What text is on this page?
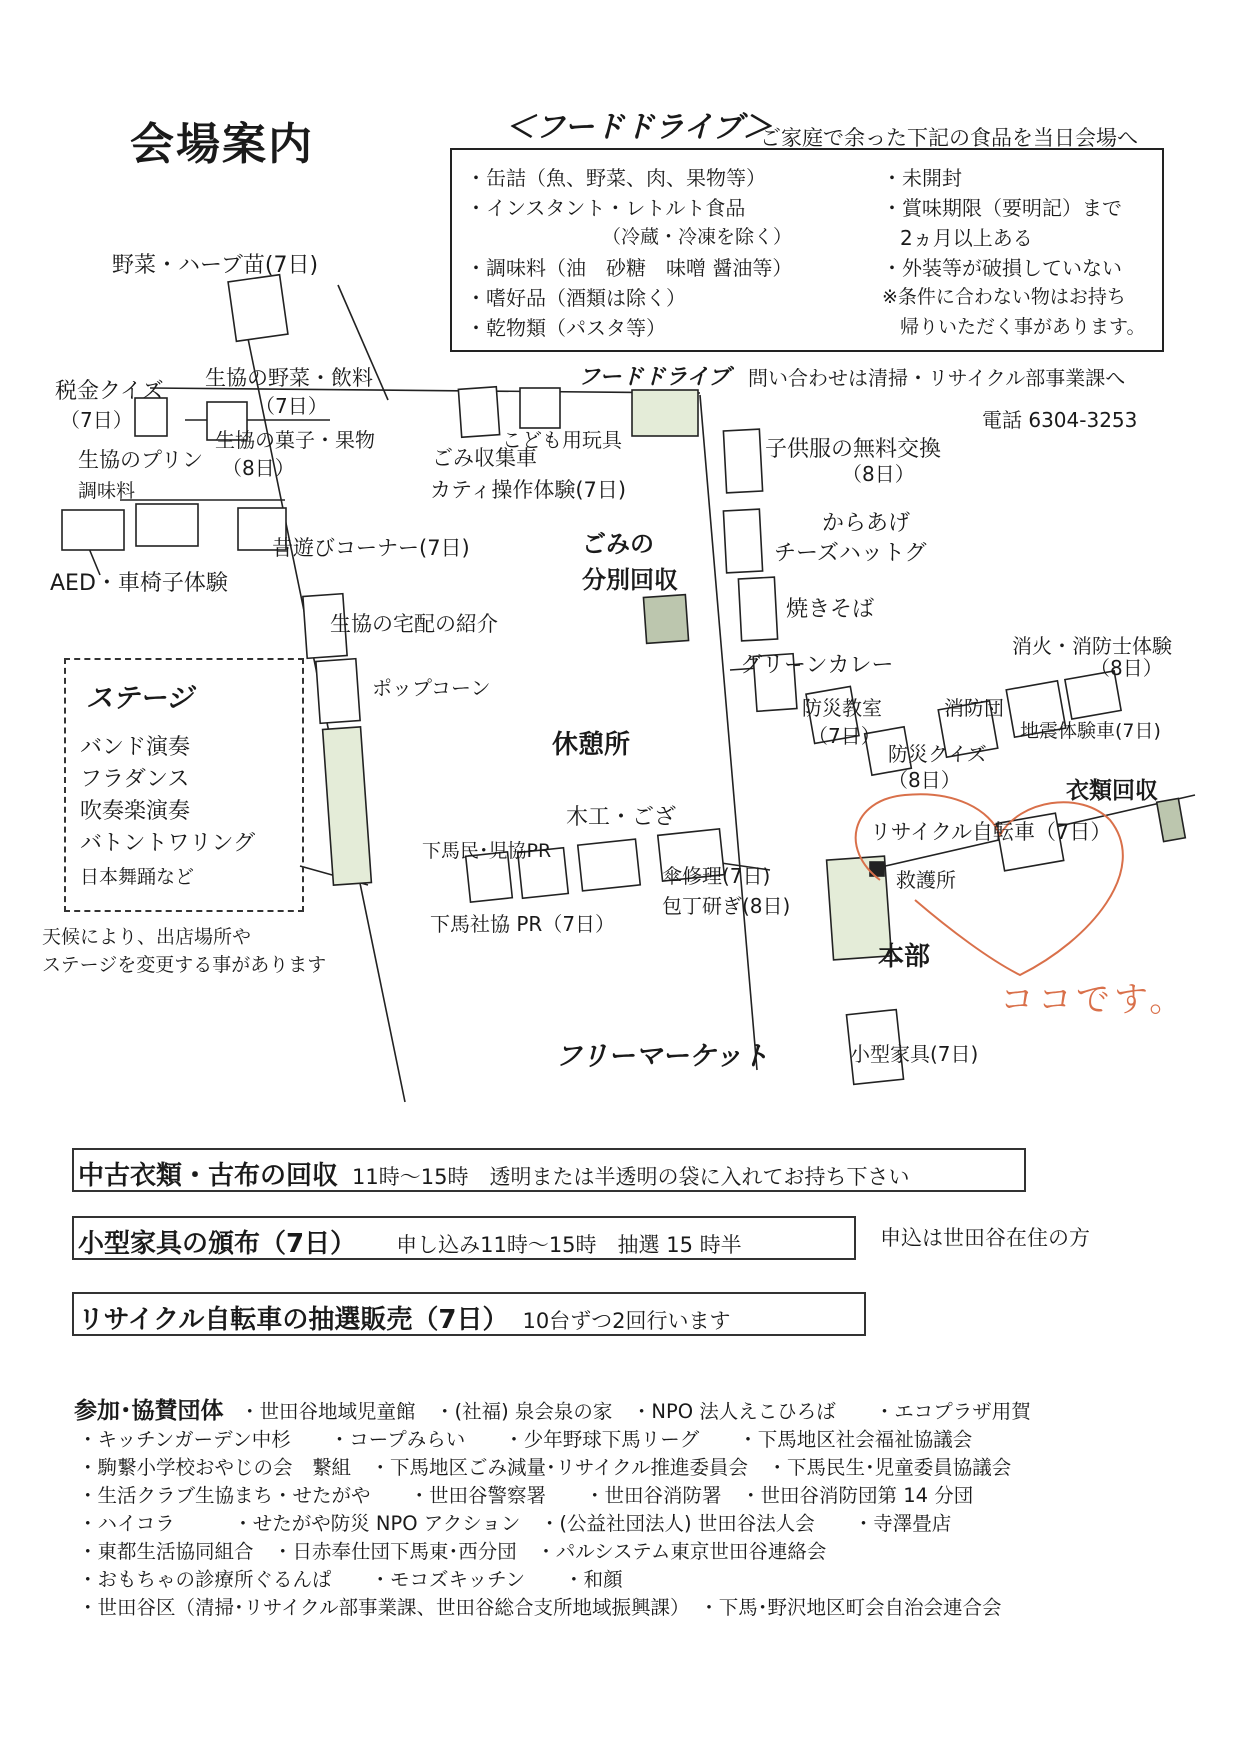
会場案内	＜フードドライブ＞
ご家庭で余った下記の食品を当日会場へ
・缶詰（魚、野菜、肉、果物等）
・インスタント・レトルト食品
（冷蔵・冷凍を除く）
・調味料（油　砂糖　味噌 醤油等）
・嗜好品（酒類は除く）
・乾物類（パスタ等）
・未開封
・賞味期限（要明記）まで
2ヵ月以上ある
・外装等が破損していない
※条件に合わない物はお持ち
帰りいただく事があります。
フードドライブ 問い合わせは清掃・リサイクル部事業課へ
電話 6304-3253
野菜・ハーブ苗(7日)
税金クイズ
（7日）
生協の野菜・飲料
（7日）
生協の菓子・果物
（8日）
生協のプリン
調味料
ごみ収集車
こども用玩具
カティ操作体験(7日)
子供服の無料交換
（8日）
からあげ
チーズハットグ
ごみの
分別回収
焼きそば
グリーンカレー
昔遊びコーナー(7日)
AED・車椅子体験
生協の宅配の紹介
ポップコーン
消火・消防士体験
（8日）
防災教室
（7日）
消防団
地震体験車(7日)
防災クイズ
（8日）
休憩所
衣類回収
木工・ござ
リサイクル自転車（7日）
下馬民･児協PR
傘修理(7日)
包丁研ぎ(8日)
救護所
下馬社協 PR（7日）
本部
ココです。
フリーマーケット	小型家具(7日)
ステージ
バンド演奏
フラダンス
吹奏楽演奏
バトントワリング
日本舞踊など
天候により、出店場所や
ステージを変更する事があります
中古衣類・古布の回収 11時〜15時　透明または半透明の袋に入れてお持ち下さい
小型家具の頒布（7日） 申し込み11時〜15時　抽選 15 時半	申込は世田谷在住の方
リサイクル自転車の抽選販売（7日） 10台ずつ2回行います
参加･協賛団体 ・世田谷地域児童館　・(社福) 泉会泉の家　・NPO 法人えこひろば　　・エコプラザ用賀
・キッチンガーデン中杉　　・コープみらい　　・少年野球下馬リーグ　　・下馬地区社会福祉協議会
・駒繋小学校おやじの会　繋組　・下馬地区ごみ減量･リサイクル推進委員会　・下馬民生･児童委員協議会
・生活クラブ生協まち・せたがや　　・世田谷警察署　　・世田谷消防署　・世田谷消防団第 14 分団
・ハイコラ　　　・せたがや防災 NPO アクション　・(公益社団法人) 世田谷法人会　　・寺澤畳店
・東都生活協同組合　・日赤奉仕団下馬東･西分団　・パルシステム東京世田谷連絡会
・おもちゃの診療所ぐるんぱ　　・モコズキッチン　　・和顔
・世田谷区（清掃･リサイクル部事業課、世田谷総合支所地域振興課）　・下馬･野沢地区町会自治会連合会
